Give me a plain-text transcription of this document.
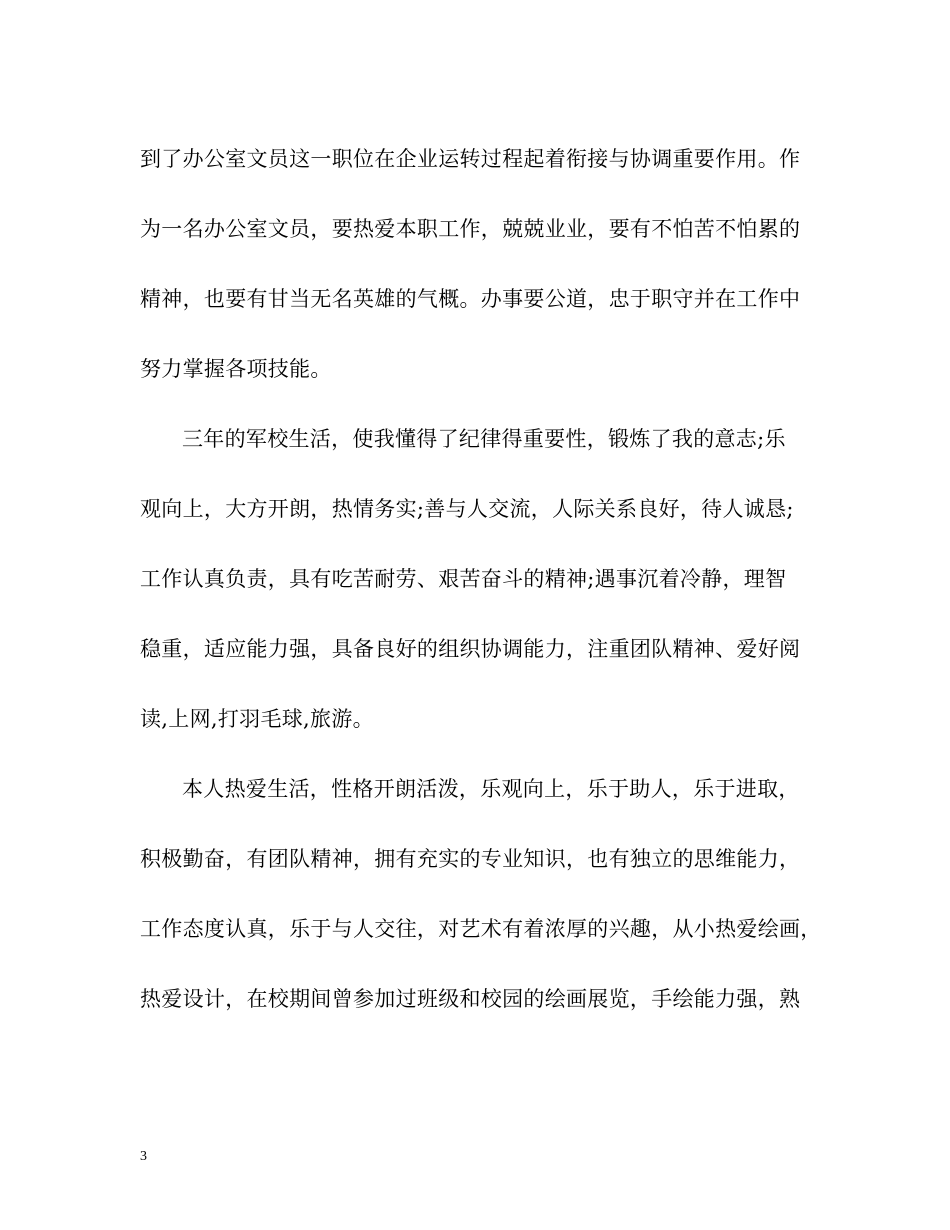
到了办公室文员这一职位在企业运转过程起着衔接与协调重要作用。作
为一名办公室文员，要热爱本职工作，兢兢业业，要有不怕苦不怕累的
精神，也要有甘当无名英雄的气概。办事要公道，忠于职守并在工作中
努力掌握各项技能。
三年的军校生活，使我懂得了纪律得重要性，锻炼了我的意志;乐
观向上，大方开朗，热情务实;善与人交流，人际关系良好，待人诚恳;
工作认真负责，具有吃苦耐劳、艰苦奋斗的精神;遇事沉着冷静，理智
稳重，适应能力强，具备良好的组织协调能力，注重团队精神、爱好阅
读,上网,打羽毛球,旅游。
本人热爱生活，性格开朗活泼，乐观向上，乐于助人，乐于进取，
积极勤奋，有团队精神，拥有充实的专业知识，也有独立的思维能力，
工作态度认真，乐于与人交往，对艺术有着浓厚的兴趣，从小热爱绘画，
热爱设计，在校期间曾参加过班级和校园的绘画展览，手绘能力强，熟
3
